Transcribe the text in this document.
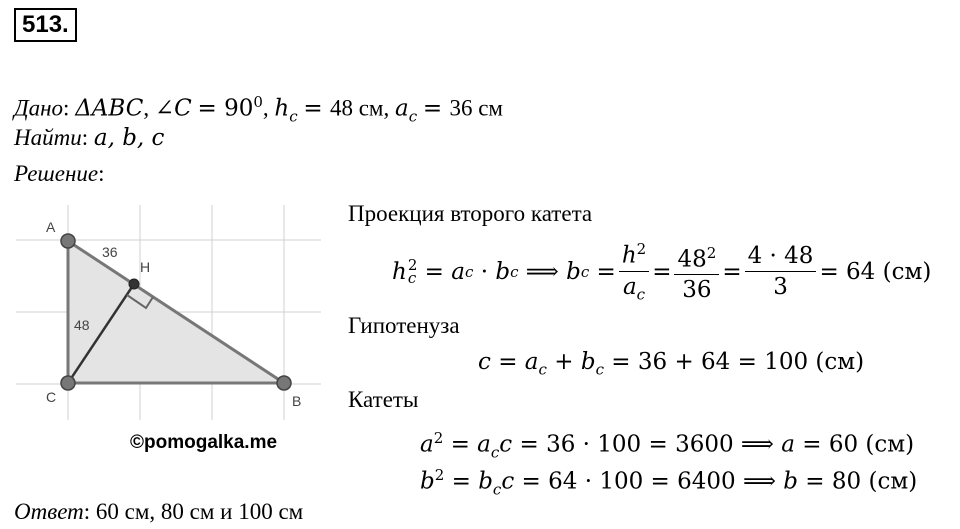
513.
Дано: ΔABC, ∠C = $90^0$, $h_c = 48$ см, $a_c = 36$ см
Найти: a, b, c
Решение:
A
C	B
H
36
48
©pomogalka.me
Проекция второго катета
h 2
c = a c · b c ⟹ b $c = \frac{h^2}{a_c} = \frac{48^2}{36} = \frac{4 \cdot 48}{3} = 64$ (см)
Гипотенуза
$c = a_c + b_c = 36 + 64 = 100$ (см)
Катеты
$a^2 = a_cc = 36 \cdot 100 = 3600$ ⟹ a = 60 (см)
$b^2 = b_cc = 64 \cdot 100 = 6400$ ⟹ b = 80 (см)
Ответ: 60 см, 80 см и 100 см
